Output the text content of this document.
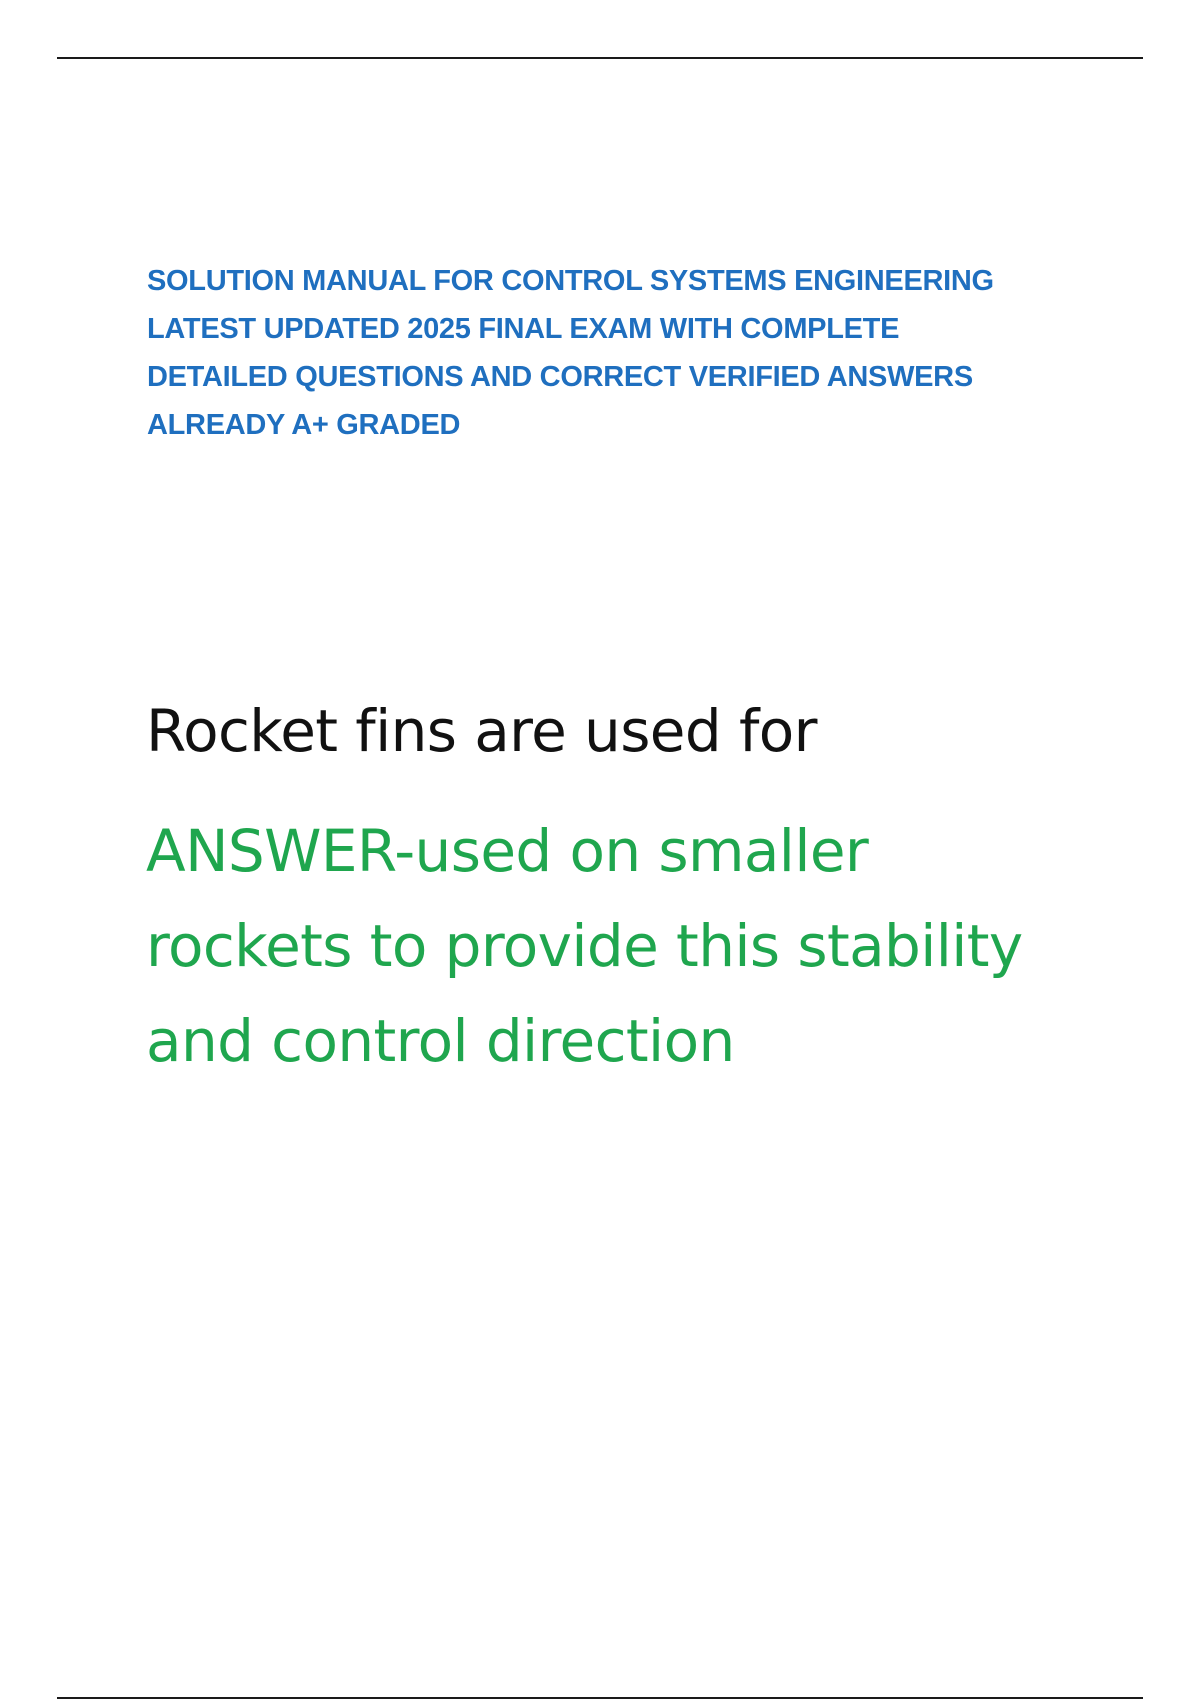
SOLUTION MANUAL FOR CONTROL SYSTEMS ENGINEERING
LATEST UPDATED 2025 FINAL EXAM WITH COMPLETE
DETAILED QUESTIONS AND CORRECT VERIFIED ANSWERS
ALREADY A+ GRADED

Rocket fins are used for

ANSWER-used on smaller
rockets to provide this stability
and control direction
